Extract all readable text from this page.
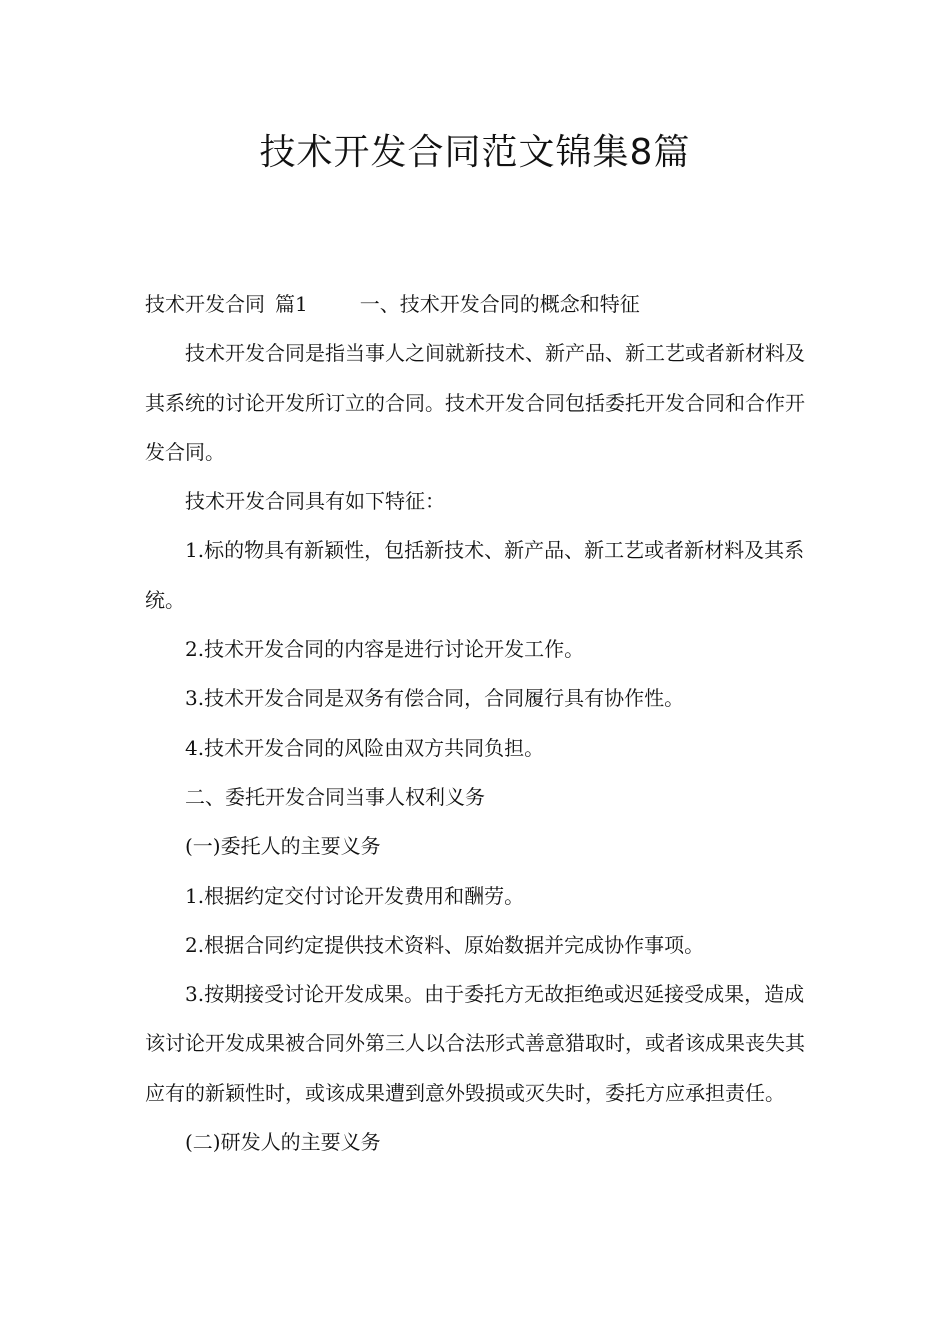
技术开发合同范文锦集8篇

技术开发合同 篇1	一、技术开发合同的概念和特征

技术开发合同是指当事人之间就新技术、新产品、新工艺或者新材料及其系统的讨论开发所订立的合同。技术开发合同包括委托开发合同和合作开发合同。

技术开发合同具有如下特征：

1.标的物具有新颖性，包括新技术、新产品、新工艺或者新材料及其系统。

2.技术开发合同的内容是进行讨论开发工作。

3.技术开发合同是双务有偿合同，合同履行具有协作性。

4.技术开发合同的风险由双方共同负担。

二、委托开发合同当事人权利义务

(一)委托人的主要义务

1.根据约定交付讨论开发费用和酬劳。

2.根据合同约定提供技术资料、原始数据并完成协作事项。

3.按期接受讨论开发成果。由于委托方无故拒绝或迟延接受成果，造成该讨论开发成果被合同外第三人以合法形式善意猎取时，或者该成果丧失其应有的新颖性时，或该成果遭到意外毁损或灭失时，委托方应承担责任。

(二)研发人的主要义务
